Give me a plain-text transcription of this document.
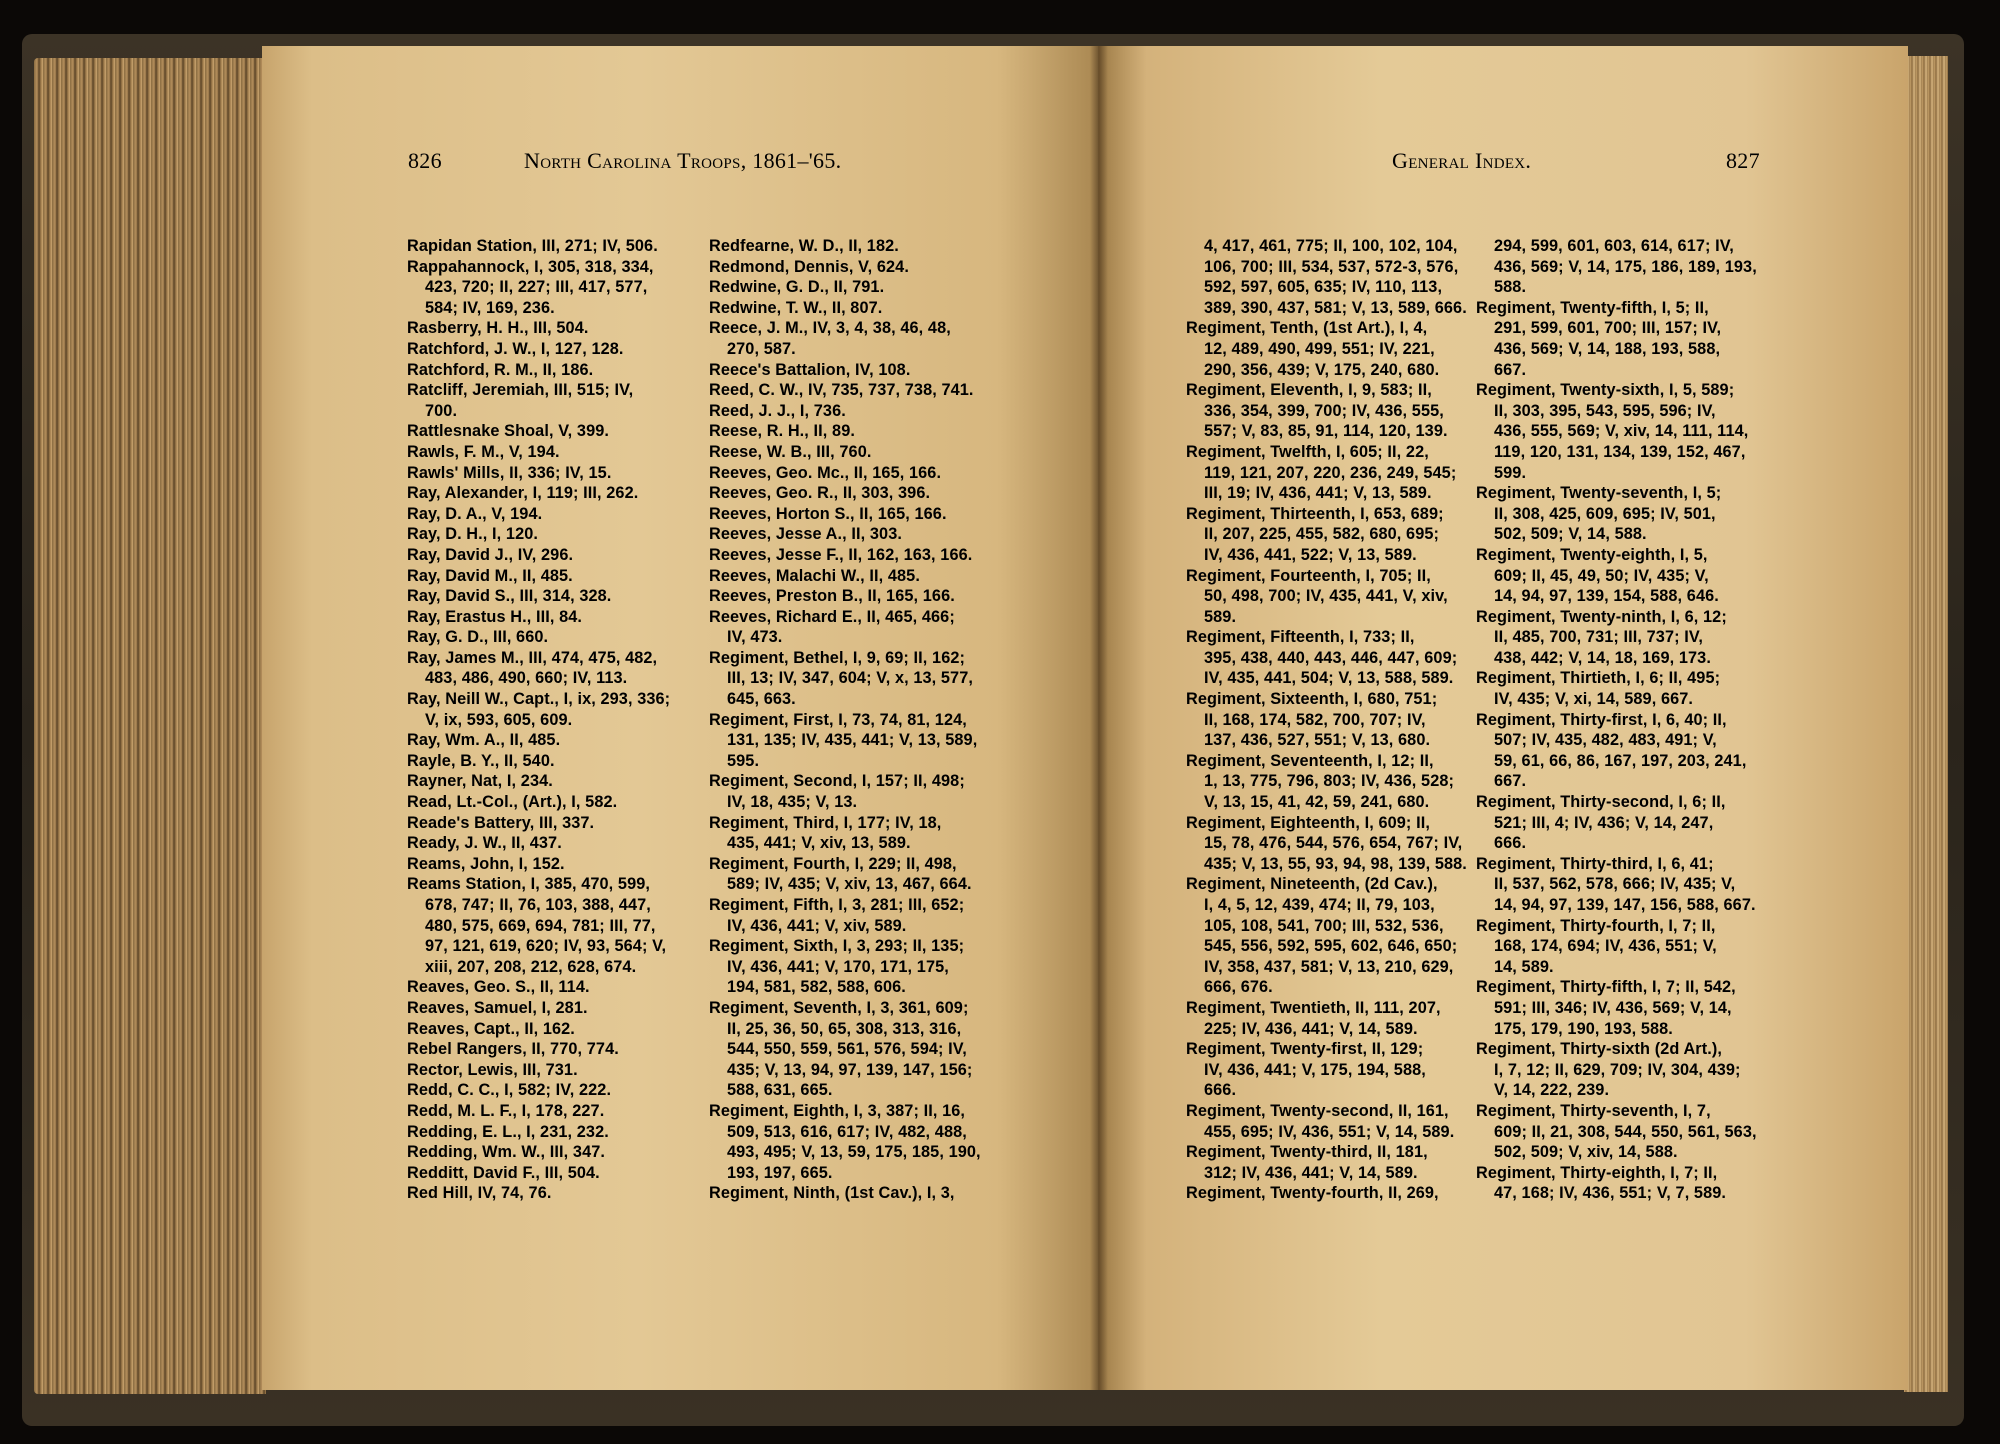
826	North Carolina Troops, 1861–'65.	General Index.	827
Rapidan Station, III, 271; IV, 506.
Rappahannock, I, 305, 318, 334,
423, 720; II, 227; III, 417, 577,
584; IV, 169, 236.
Rasberry, H. H., III, 504.
Ratchford, J. W., I, 127, 128.
Ratchford, R. M., II, 186.
Ratcliff, Jeremiah, III, 515; IV,
700.
Rattlesnake Shoal, V, 399.
Rawls, F. M., V, 194.
Rawls' Mills, II, 336; IV, 15.
Ray, Alexander, I, 119; III, 262.
Ray, D. A., V, 194.
Ray, D. H., I, 120.
Ray, David J., IV, 296.
Ray, David M., II, 485.
Ray, David S., III, 314, 328.
Ray, Erastus H., III, 84.
Ray, G. D., III, 660.
Ray, James M., III, 474, 475, 482,
483, 486, 490, 660; IV, 113.
Ray, Neill W., Capt., I, ix, 293, 336;
V, ix, 593, 605, 609.
Ray, Wm. A., II, 485.
Rayle, B. Y., II, 540.
Rayner, Nat, I, 234.
Read, Lt.-Col., (Art.), I, 582.
Reade's Battery, III, 337.
Ready, J. W., II, 437.
Reams, John, I, 152.
Reams Station, I, 385, 470, 599,
678, 747; II, 76, 103, 388, 447,
480, 575, 669, 694, 781; III, 77,
97, 121, 619, 620; IV, 93, 564; V,
xiii, 207, 208, 212, 628, 674.
Reaves, Geo. S., II, 114.
Reaves, Samuel, I, 281.
Reaves, Capt., II, 162.
Rebel Rangers, II, 770, 774.
Rector, Lewis, III, 731.
Redd, C. C., I, 582; IV, 222.
Redd, M. L. F., I, 178, 227.
Redding, E. L., I, 231, 232.
Redding, Wm. W., III, 347.
Redditt, David F., III, 504.
Red Hill, IV, 74, 76.
Redfearne, W. D., II, 182.
Redmond, Dennis, V, 624.
Redwine, G. D., II, 791.
Redwine, T. W., II, 807.
Reece, J. M., IV, 3, 4, 38, 46, 48,
270, 587.
Reece's Battalion, IV, 108.
Reed, C. W., IV, 735, 737, 738, 741.
Reed, J. J., I, 736.
Reese, R. H., II, 89.
Reese, W. B., III, 760.
Reeves, Geo. Mc., II, 165, 166.
Reeves, Geo. R., II, 303, 396.
Reeves, Horton S., II, 165, 166.
Reeves, Jesse A., II, 303.
Reeves, Jesse F., II, 162, 163, 166.
Reeves, Malachi W., II, 485.
Reeves, Preston B., II, 165, 166.
Reeves, Richard E., II, 465, 466;
IV, 473.
Regiment, Bethel, I, 9, 69; II, 162;
III, 13; IV, 347, 604; V, x, 13, 577,
645, 663.
Regiment, First, I, 73, 74, 81, 124,
131, 135; IV, 435, 441; V, 13, 589,
595.
Regiment, Second, I, 157; II, 498;
IV, 18, 435; V, 13.
Regiment, Third, I, 177; IV, 18,
435, 441; V, xiv, 13, 589.
Regiment, Fourth, I, 229; II, 498,
589; IV, 435; V, xiv, 13, 467, 664.
Regiment, Fifth, I, 3, 281; III, 652;
IV, 436, 441; V, xiv, 589.
Regiment, Sixth, I, 3, 293; II, 135;
IV, 436, 441; V, 170, 171, 175,
194, 581, 582, 588, 606.
Regiment, Seventh, I, 3, 361, 609;
II, 25, 36, 50, 65, 308, 313, 316,
544, 550, 559, 561, 576, 594; IV,
435; V, 13, 94, 97, 139, 147, 156;
588, 631, 665.
Regiment, Eighth, I, 3, 387; II, 16,
509, 513, 616, 617; IV, 482, 488,
493, 495; V, 13, 59, 175, 185, 190,
193, 197, 665.
Regiment, Ninth, (1st Cav.), I, 3,
4, 417, 461, 775; II, 100, 102, 104,
106, 700; III, 534, 537, 572-3, 576,
592, 597, 605, 635; IV, 110, 113,
389, 390, 437, 581; V, 13, 589, 666.
Regiment, Tenth, (1st Art.), I, 4,
12, 489, 490, 499, 551; IV, 221,
290, 356, 439; V, 175, 240, 680.
Regiment, Eleventh, I, 9, 583; II,
336, 354, 399, 700; IV, 436, 555,
557; V, 83, 85, 91, 114, 120, 139.
Regiment, Twelfth, I, 605; II, 22,
119, 121, 207, 220, 236, 249, 545;
III, 19; IV, 436, 441; V, 13, 589.
Regiment, Thirteenth, I, 653, 689;
II, 207, 225, 455, 582, 680, 695;
IV, 436, 441, 522; V, 13, 589.
Regiment, Fourteenth, I, 705; II,
50, 498, 700; IV, 435, 441, V, xiv,
589.
Regiment, Fifteenth, I, 733; II,
395, 438, 440, 443, 446, 447, 609;
IV, 435, 441, 504; V, 13, 588, 589.
Regiment, Sixteenth, I, 680, 751;
II, 168, 174, 582, 700, 707; IV,
137, 436, 527, 551; V, 13, 680.
Regiment, Seventeenth, I, 12; II,
1, 13, 775, 796, 803; IV, 436, 528;
V, 13, 15, 41, 42, 59, 241, 680.
Regiment, Eighteenth, I, 609; II,
15, 78, 476, 544, 576, 654, 767; IV,
435; V, 13, 55, 93, 94, 98, 139, 588.
Regiment, Nineteenth, (2d Cav.),
I, 4, 5, 12, 439, 474; II, 79, 103,
105, 108, 541, 700; III, 532, 536,
545, 556, 592, 595, 602, 646, 650;
IV, 358, 437, 581; V, 13, 210, 629,
666, 676.
Regiment, Twentieth, II, 111, 207,
225; IV, 436, 441; V, 14, 589.
Regiment, Twenty-first, II, 129;
IV, 436, 441; V, 175, 194, 588,
666.
Regiment, Twenty-second, II, 161,
455, 695; IV, 436, 551; V, 14, 589.
Regiment, Twenty-third, II, 181,
312; IV, 436, 441; V, 14, 589.
Regiment, Twenty-fourth, II, 269,
294, 599, 601, 603, 614, 617; IV,
436, 569; V, 14, 175, 186, 189, 193,
588.
Regiment, Twenty-fifth, I, 5; II,
291, 599, 601, 700; III, 157; IV,
436, 569; V, 14, 188, 193, 588,
667.
Regiment, Twenty-sixth, I, 5, 589;
II, 303, 395, 543, 595, 596; IV,
436, 555, 569; V, xiv, 14, 111, 114,
119, 120, 131, 134, 139, 152, 467,
599.
Regiment, Twenty-seventh, I, 5;
II, 308, 425, 609, 695; IV, 501,
502, 509; V, 14, 588.
Regiment, Twenty-eighth, I, 5,
609; II, 45, 49, 50; IV, 435; V,
14, 94, 97, 139, 154, 588, 646.
Regiment, Twenty-ninth, I, 6, 12;
II, 485, 700, 731; III, 737; IV,
438, 442; V, 14, 18, 169, 173.
Regiment, Thirtieth, I, 6; II, 495;
IV, 435; V, xi, 14, 589, 667.
Regiment, Thirty-first, I, 6, 40; II,
507; IV, 435, 482, 483, 491; V,
59, 61, 66, 86, 167, 197, 203, 241,
667.
Regiment, Thirty-second, I, 6; II,
521; III, 4; IV, 436; V, 14, 247,
666.
Regiment, Thirty-third, I, 6, 41;
II, 537, 562, 578, 666; IV, 435; V,
14, 94, 97, 139, 147, 156, 588, 667.
Regiment, Thirty-fourth, I, 7; II,
168, 174, 694; IV, 436, 551; V,
14, 589.
Regiment, Thirty-fifth, I, 7; II, 542,
591; III, 346; IV, 436, 569; V, 14,
175, 179, 190, 193, 588.
Regiment, Thirty-sixth (2d Art.),
I, 7, 12; II, 629, 709; IV, 304, 439;
V, 14, 222, 239.
Regiment, Thirty-seventh, I, 7,
609; II, 21, 308, 544, 550, 561, 563,
502, 509; V, xiv, 14, 588.
Regiment, Thirty-eighth, I, 7; II,
47, 168; IV, 436, 551; V, 7, 589.
